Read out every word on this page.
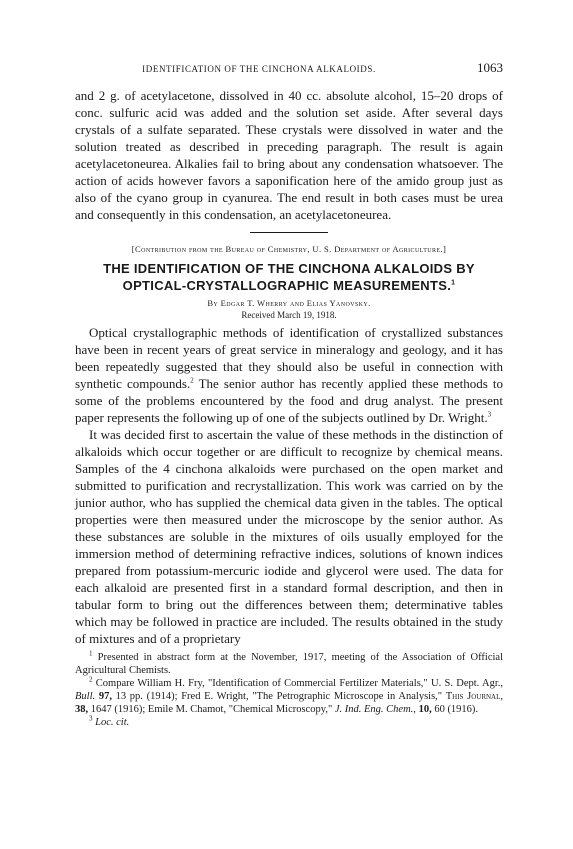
IDENTIFICATION OF THE CINCHONA ALKALOIDS.	1063

and 2 g. of acetylacetone, dissolved in 40 cc. absolute alcohol, 15–20 drops of conc. sulfuric acid was added and the solution set aside. After several days crystals of a sulfate separated. These crystals were dissolved in water and the solution treated as described in preceding paragraph. The result is again acetylacetoneurea. Alkalies fail to bring about any condensation whatsoever. The action of acids however favors a saponification here of the amido group just as also of the cyano group in cyanurea. The end result in both cases must be urea and consequently in this condensation, an acetylacetoneurea.

[Contribution from the Bureau of Chemistry, U. S. Department of Agriculture.]

THE IDENTIFICATION OF THE CINCHONA ALKALOIDS BY OPTICAL-CRYSTALLOGRAPHIC MEASUREMENTS.$^1$

By Edgar T. Wherry and Elias Yanovsky.

Received March 19, 1918.

Optical crystallographic methods of identification of crystallized substances have been in recent years of great service in mineralogy and geology, and it has been repeatedly suggested that they should also be useful in connection with synthetic compounds.$^2$ The senior author has recently applied these methods to some of the problems encountered by the food and drug analyst. The present paper represents the following up of one of the subjects outlined by Dr. Wright.$^3$

It was decided first to ascertain the value of these methods in the distinction of alkaloids which occur together or are difficult to recognize by chemical means. Samples of the 4 cinchona alkaloids were purchased on the open market and submitted to purification and recrystallization. This work was carried on by the junior author, who has supplied the chemical data given in the tables. The optical properties were then measured under the microscope by the senior author. As these substances are soluble in the mixtures of oils usually employed for the immersion method of determining refractive indices, solutions of known indices prepared from potassium-mercuric iodide and glycerol were used. The data for each alkaloid are presented first in a standard formal description, and then in tabular form to bring out the differences between them; determinative tables which may be followed in practice are included. The results obtained in the study of mixtures and of a proprietary

$^1$ Presented in abstract form at the November, 1917, meeting of the Association of Official Agricultural Chemists.

$^2$ Compare William H. Fry, "Identification of Commercial Fertilizer Materials," U. S. Dept. Agr., Bull. 97, 13 pp. (1914); Fred E. Wright, "The Petrographic Microscope in Analysis," This Journal, 38, 1647 (1916); Emile M. Chamot, "Chemical Microscopy," J. Ind. Eng. Chem., 10, 60 (1916).

$^3$ Loc. cit.
